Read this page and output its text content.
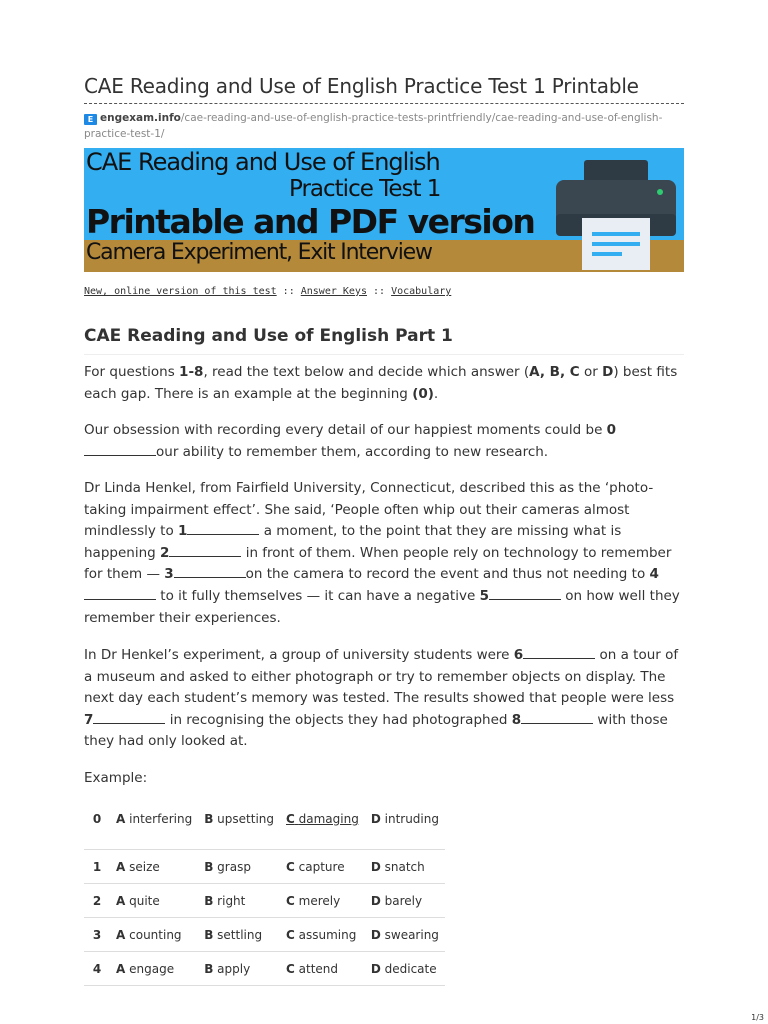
CAE Reading and Use of English Practice Test 1 Printable
E engexam.info/cae-reading-and-use-of-english-practice-tests-printfriendly/cae-reading-and-use-of-english-practice-test-1/
CAE Reading and Use of English
Practice Test 1
Printable and PDF version
Camera Experiment, Exit Interview
New, online version of this test :: Answer Keys :: Vocabulary
CAE Reading and Use of English Part 1
For questions 1-8, read the text below and decide which answer (A, B, C or D) best fits each gap. There is an example at the beginning (0).
Our obsession with recording every detail of our happiest moments could be 0our ability to remember them, according to new research.
Dr Linda Henkel, from Fairfield University, Connecticut, described this as the ‘photo-taking impairment effect’. She said, ‘People often whip out their cameras almost mindlessly to 1	a moment, to the point that they are missing what is happening 2	in front of them. When people rely on technology to remember for them — 3	on the camera to record the event and thus not needing to 4 to it fully themselves — it can have a negative 5	on how well they remember their experiences.
In Dr Henkel’s experiment, a group of university students were 6	on a tour of a museum and asked to either photograph or try to remember objects on display. The next day each student’s memory was tested. The results showed that people were less 7	in recognising the objects they had photographed 8	with those they had only looked at.
Example:
0	A interfering	B upsetting	C damaging	D intruding

1	A seize	B grasp	C capture	D snatch
2	A quite	B right	C merely	D barely
3	A counting	B settling	C assuming	D swearing
4	A engage	B apply	C attend	D dedicate
1/3
